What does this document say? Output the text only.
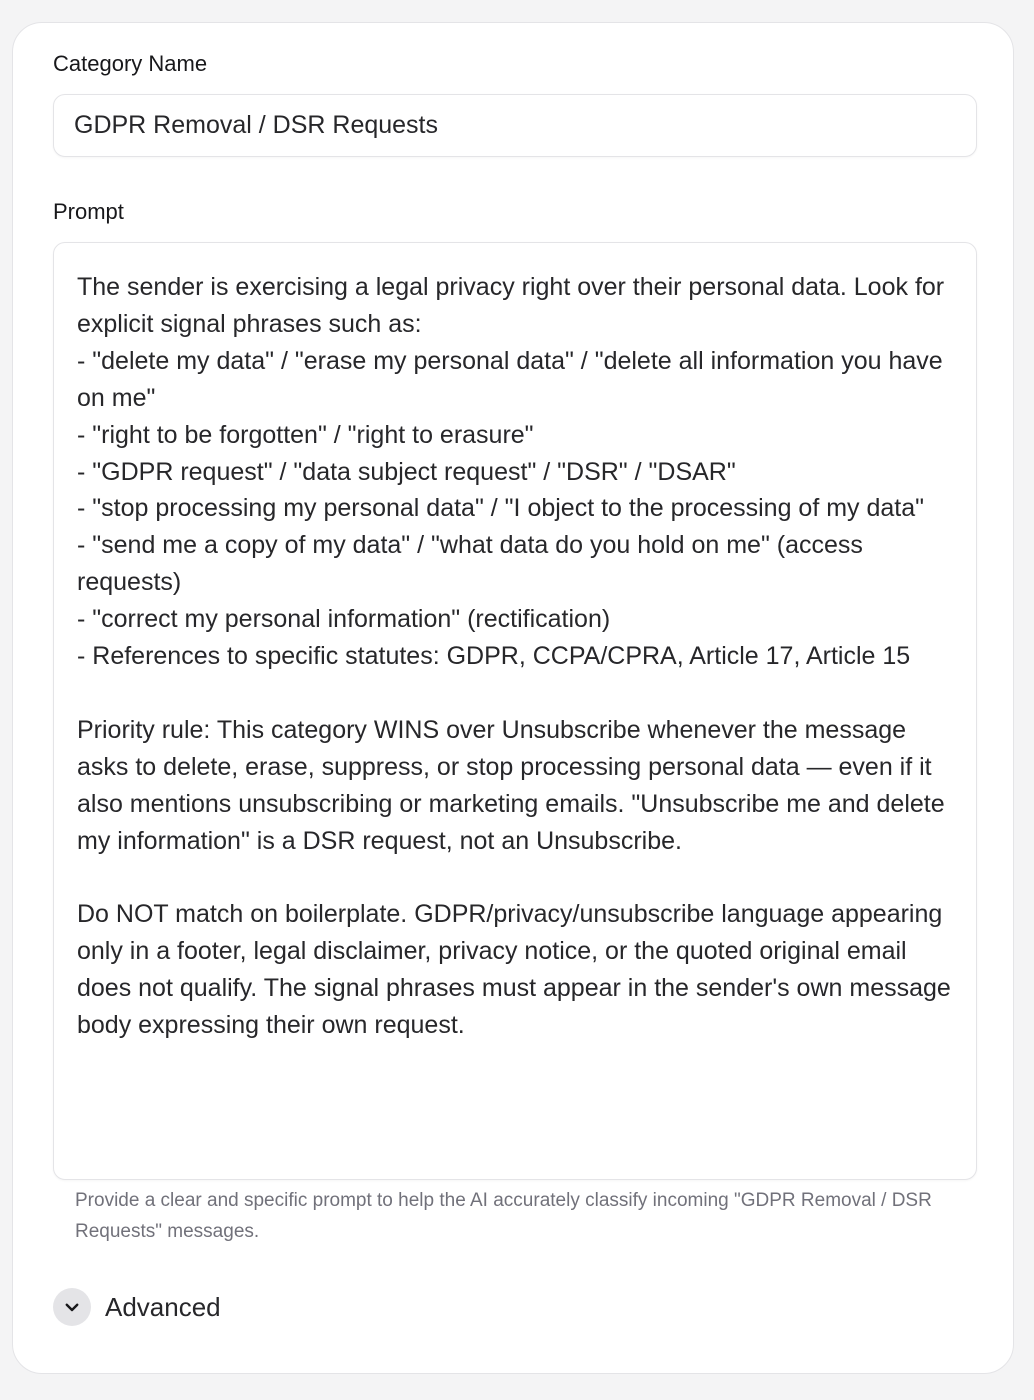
Category Name
GDPR Removal / DSR Requests
Prompt
The sender is exercising a legal privacy right over their personal data. Look for explicit signal phrases such as:
- "delete my data" / "erase my personal data" / "delete all information you have on me"
- "right to be forgotten" / "right to erasure"
- "GDPR request" / "data subject request" / "DSR" / "DSAR"
- "stop processing my personal data" / "I object to the processing of my data"
- "send me a copy of my data" / "what data do you hold on me" (access requests)
- "correct my personal information" (rectification)
- References to specific statutes: GDPR, CCPA/CPRA, Article 17, Article 15

Priority rule: This category WINS over Unsubscribe whenever the message asks to delete, erase, suppress, or stop processing personal data — even if it also mentions unsubscribing or marketing emails. "Unsubscribe me and delete my information" is a DSR request, not an Unsubscribe.

Do NOT match on boilerplate. GDPR/privacy/unsubscribe language appearing only in a footer, legal disclaimer, privacy notice, or the quoted original email does not qualify. The signal phrases must appear in the sender's own message body expressing their own request.
Provide a clear and specific prompt to help the AI accurately classify incoming "GDPR Removal / DSR Requests" messages.
Advanced
